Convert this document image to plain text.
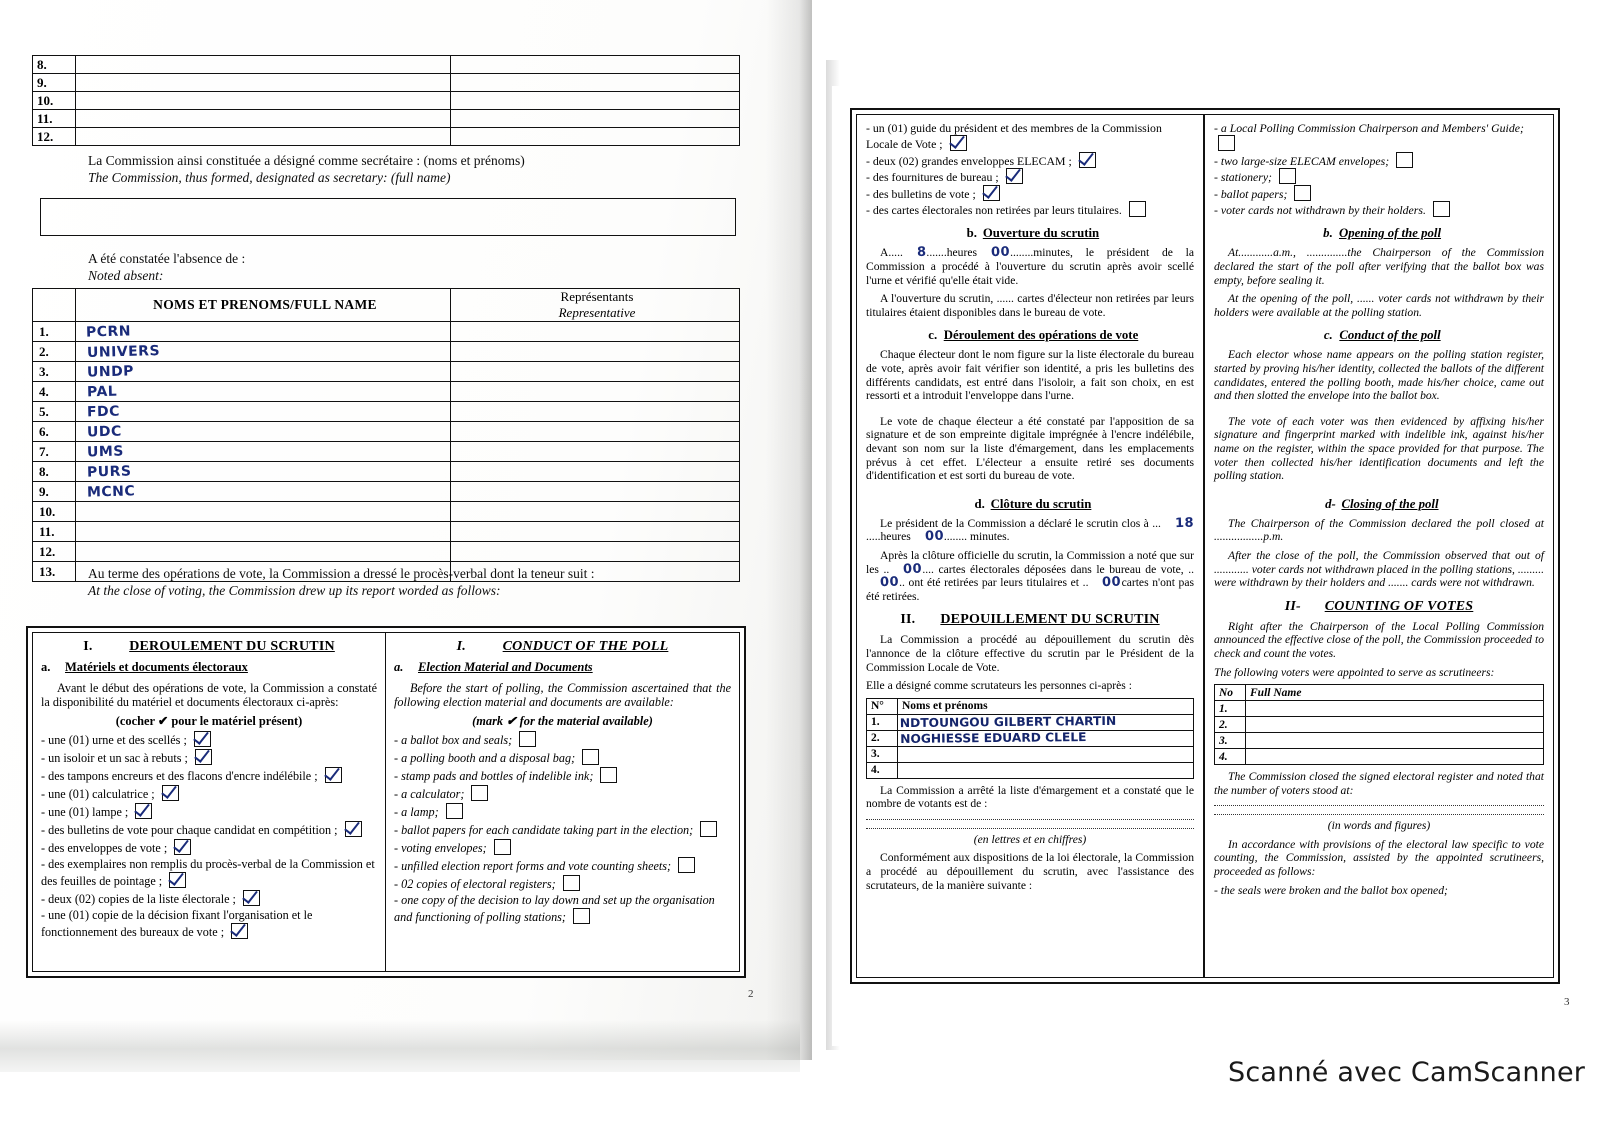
8.		
9.		
10.		
11.		
12.		
La Commission ainsi constituée a désigné comme secrétaire : (noms et prénoms)
The Commission, thus formed, designated as secretary: (full name)
A été constatée l'absence de :
Noted absent:
	NOMS ET PRENOMS/FULL NAME	Représentants
Representative
1.	PCRN	
2.	UNIVERS	
3.	UNDP	
4.	PAL	
5.	FDC	
6.	UDC	
7.	UMS	
8.	PURS	
9.	MCNC	
10.		
11.		
12.		
13.		Au terme des opérations de vote, la Commission a dressé le procès-verbal dont la teneur suit :
At the close of voting, the Commission drew up its report worded as follows:
I.	DEROULEMENT DU SCRUTIN
a. Matériels et documents électoraux
Avant le début des opérations de vote, la Commission a constaté la disponibilité du matériel et documents électoraux ci-après:
(cocher ✔ pour le matériel présent)
- une (01) urne et des scellés ;
- un isoloir et un sac à rebuts ;
- des tampons encreurs et des flacons d'encre indélébile ;
- une (01) calculatrice ;
- une (01) lampe ;
- des bulletins de vote pour chaque candidat en compétition ;
- des enveloppes de vote ;
- des exemplaires non remplis du procès-verbal de la Commission et des feuilles de pointage ;
- deux (02) copies de la liste électorale ;
- une (01) copie de la décision fixant l'organisation et le fonctionnement des bureaux de vote ;
I.	CONDUCT OF THE POLL
a. Election Material and Documents
Before the start of polling, the Commission ascertained that the following election material and documents are available:
(mark ✔ for the material available)
- a ballot box and seals;
- a polling booth and a disposal bag;
- stamp pads and bottles of indelible ink;
- a calculator;
- a lamp;
- ballot papers for each candidate taking part in the election;
- voting envelopes;
- unfilled election report forms and vote counting sheets;
- 02 copies of electoral registers;
- one copy of the decision to lay down and set up the organisation and functioning of polling stations;
2
- un (01) guide du président et des membres de la Commission Locale de Vote ;
- deux (02) grandes enveloppes ELECAM ;
- des fournitures de bureau ;
- des bulletins de vote ;
- des cartes électorales non retirées par leurs titulaires.
b. Ouverture du scrutin
A..... 8.......heures 00........minutes, le président de la Commission a procédé à l'ouverture du scrutin après avoir scellé l'urne et vérifié qu'elle était vide.
A l'ouverture du scrutin, ...... cartes d'électeur non retirées par leurs titulaires étaient disponibles dans le bureau de vote.
c. Déroulement des opérations de vote
Chaque électeur dont le nom figure sur la liste électorale du bureau de vote, après avoir fait vérifier son identité, a pris les bulletins des différents candidats, est entré dans l'isoloir, a fait son choix, en est ressorti et a introduit l'enveloppe dans l'urne.
Le vote de chaque électeur a été constaté par l'apposition de sa signature et de son empreinte digitale imprégnée à l'encre indélébile, devant son nom sur la liste d'émargement, dans les emplacements prévus à cet effet. L'électeur a ensuite retiré ses documents d'identification et est sorti du bureau de vote.
d. Clôture du scrutin
Le président de la Commission a déclaré le scrutin clos à ... 18.....heures 00........ minutes.
Après la clôture officielle du scrutin, la Commission a noté que sur les .. 00.... cartes électorales déposées dans le bureau de vote, ..00.. ont été retirées par leurs titulaires et .. 00cartes n'ont pas été retirées.
II. DEPOUILLEMENT DU SCRUTIN
La Commission a procédé au dépouillement du scrutin dès l'annonce de la clôture effective du scrutin par le Président de la Commission Locale de Vote.
Elle a désigné comme scrutateurs les personnes ci-après :
N°	Noms et prénoms
1.	NDTOUNGOU GILBERT CHARTIN
2.	NOGHIESSE EDUARD CLELE
3.	
4.	
La Commission a arrêté la liste d'émargement et a constaté que le nombre de votants est de :
(en lettres et en chiffres)
Conformément aux dispositions de la loi électorale, la Commission a procédé au dépouillement du scrutin, avec l'assistance des scrutateurs, de la manière suivante :
- a Local Polling Commission Chairperson and Members' Guide;
- two large-size ELECAM envelopes;
- stationery;
- ballot papers;
- voter cards not withdrawn by their holders.
b. Opening of the poll
At............a.m., ..............the Chairperson of the Commission declared the start of the poll after verifying that the ballot box was empty, before sealing it.
At the opening of the poll, ...... voter cards not withdrawn by their holders were available at the polling station.
c. Conduct of the poll
Each elector whose name appears on the polling station register, started by proving his/her identity, collected the ballots of the different candidates, entered the polling booth, made his/her choice, came out and then slotted the envelope into the ballot box.
The vote of each voter was then evidenced by affixing his/her signature and fingerprint marked with indelible ink, against his/her name on the register, within the space provided for that purpose. The voter then collected his/her identification documents and left the polling station.
d- Closing of the poll
The Chairperson of the Commission declared the poll closed at .................p.m.
After the close of the poll, the Commission observed that out of ............ voter cards not withdrawn placed in the polling stations, ......... were withdrawn by their holders and ....... cards were not withdrawn.
II- COUNTING OF VOTES
Right after the Chairperson of the Local Polling Commission announced the effective close of the poll, the Commission proceeded to check and count the votes.
The following voters were appointed to serve as scrutineers:
No	Full Name
1.	
2.	
3.	
4.	
The Commission closed the signed electoral register and noted that the number of voters stood at:
(in words and figures)
In accordance with provisions of the electoral law specific to vote counting, the Commission, assisted by the appointed scrutineers, proceeded as follows:
- the seals were broken and the ballot box opened;
3
Scanné avec CamScanner
